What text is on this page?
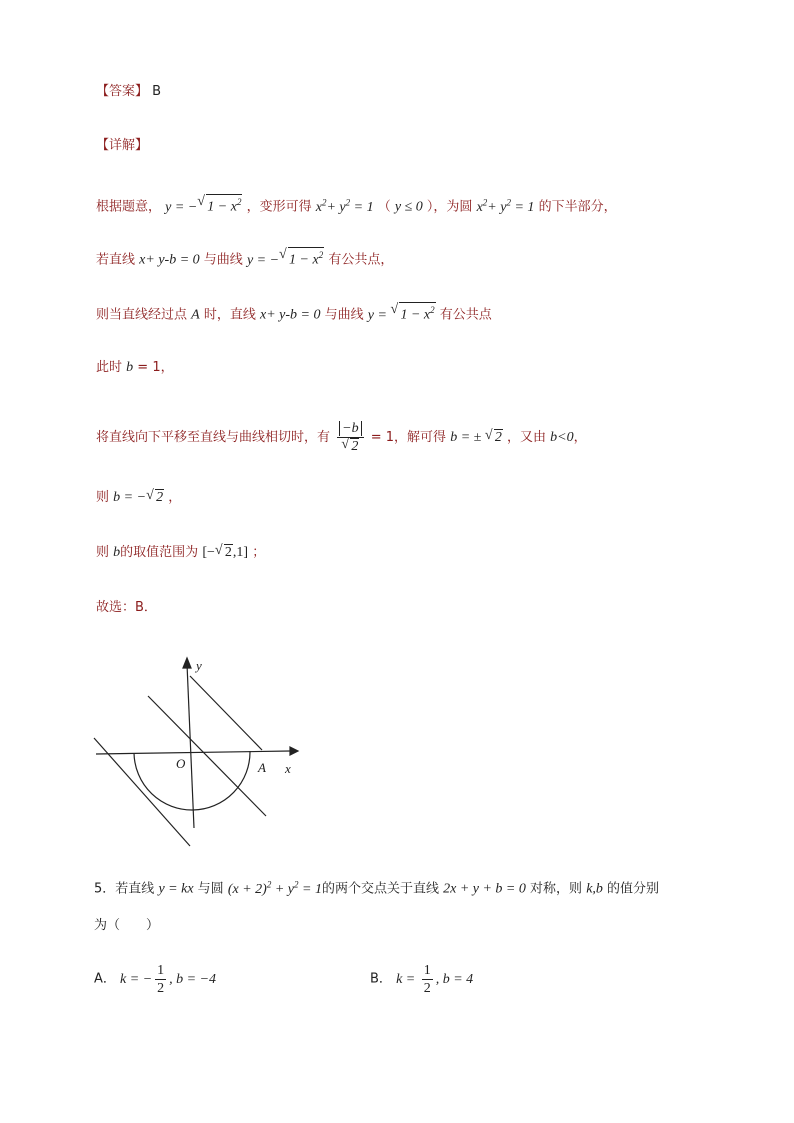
【答案】 B
【详解】
根据题意， y = − √ $1 - x^2$ ，变形可得 $x^2+ y^2 = 1$ （ y ≤ 0 ），为圆 $x^2+ y^2 = 1$ 的下半部分，
若直线 x+ y-b = 0 与曲线 y = − √ $1 - x^2$ 有公共点，
则当直线经过点 A 时，直线 x+ y-b = 0 与曲线 y = √ $1 - x^2$ 有公共点
此时 b = 1，
将直线向下平移至直线与曲线相切时，有 −b
√ 2 = 1，解可得 b = ± √ 2 ，又由 b<0，
则 b = − √ 2 ，
则 b的取值范围为 [− √ 2,1] ；
故选：B．
y
x
O	A
5．若直线 y = kx 与圆 $(x + 2)^2 + y^2 = 1$的两个交点关于直线 2x + y + b = 0 对称，则 k,b 的值分别
为（　　）
A． k = − $\frac{1}{2}$ , b = −4	B． $k = \frac{1}{2}$ , b = 4
